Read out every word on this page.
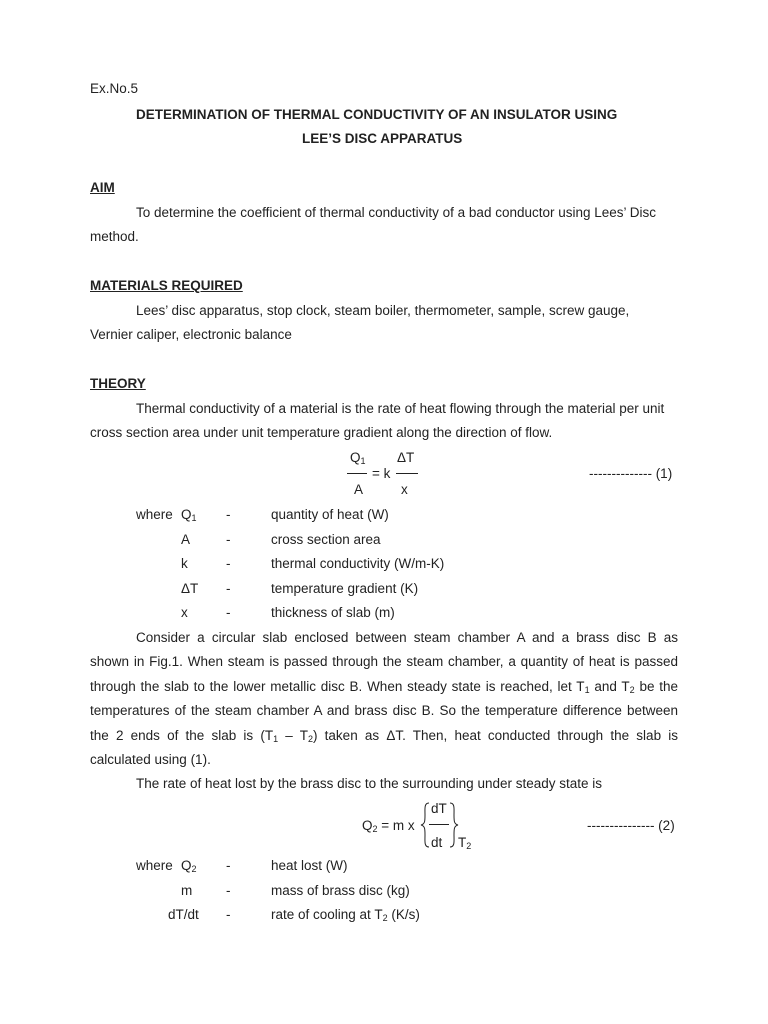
Ex.No.5
DETERMINATION OF THERMAL CONDUCTIVITY OF AN INSULATOR USING
LEE’S DISC APPARATUS
AIM
To determine the coefficient of thermal conductivity of a bad conductor using Lees’ Disc
method.
MATERIALS REQUIRED
Lees’ disc apparatus, stop clock, steam boiler, thermometer, sample, screw gauge,
Vernier caliper, electronic balance
THEORY
Thermal conductivity of a material is the rate of heat flowing through the material per unit
cross section area under unit temperature gradient along the direction of flow.
$Q_1$
A
= k
ΔT
x
-------------- (1)
where $Q_1$ -	quantity of heat (W)
A	-	cross section area
k	-	thermal conductivity (W/m-K)
ΔT -	temperature gradient (K)
x	-	thickness of slab (m)
Consider a circular slab enclosed between steam chamber A and a brass disc B as
shown in Fig.1. When steam is passed through the steam chamber, a quantity of heat is passed
through the slab to the lower metallic disc B. When steady state is reached, let $T_1$ and $T_2$ be the
temperatures of the steam chamber A and brass disc B. So the temperature difference between
the 2 ends of the slab is $(T_1 - T_2)$ taken as ΔT. Then, heat conducted through the slab is
calculated using (1).
The rate of heat lost by the brass disc to the surrounding under steady state is
$Q_2 = m$ x
dT
dt $T_2$
--------------- (2)
where $Q_2$ -	heat lost (W)
m	-	mass of brass disc (kg)
dT/dt -	rate of cooling at $T_2$ (K/s)
